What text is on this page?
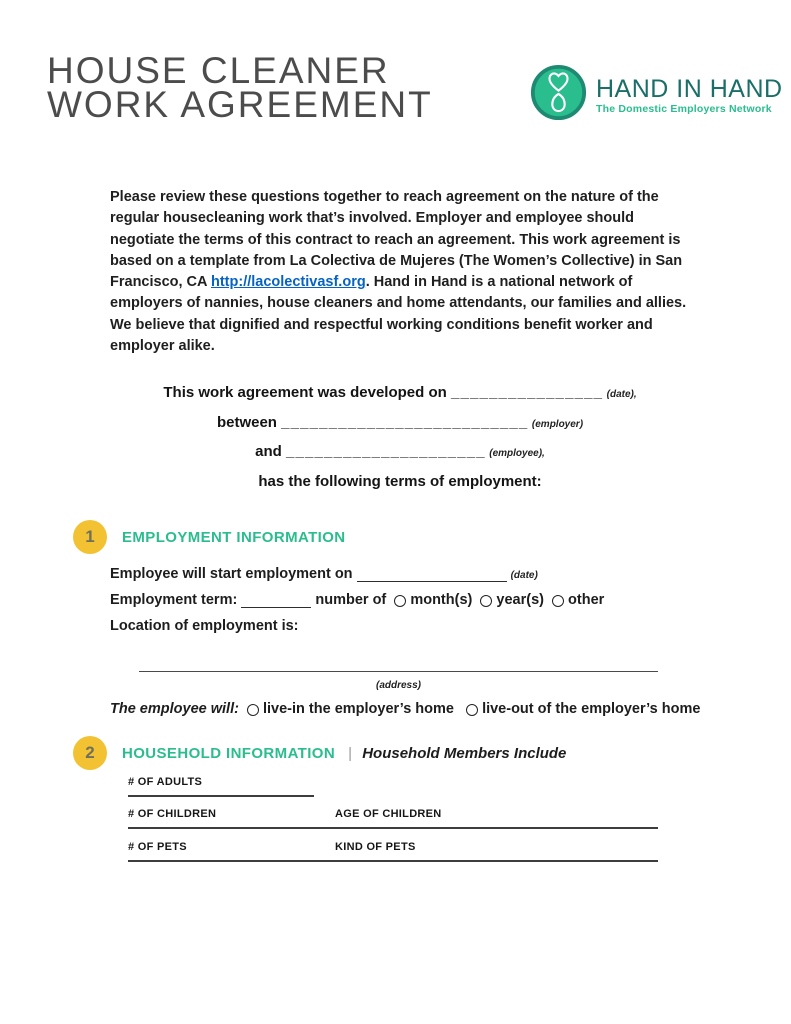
HOUSE CLEANER
WORK AGREEMENT	HAND IN HAND
The Domestic Employers Network

Please review these questions together to reach agreement on the nature of the regular housecleaning work that’s involved. Employer and employee should negotiate the terms of this contract to reach an agreement. This work agreement is based on a template from La Colectiva de Mujeres (The Women’s Collective) in San Francisco, CA http://lacolectivasf.org. Hand in Hand is a national network of employers of nannies, house cleaners and home attendants, our families and allies. We believe that dignified and respectful working conditions benefit worker and employer alike.

This work agreement was developed on _ _ _ _ _ _ _ _ _ _ _ _ _ _ _ _ (date),
between _ _ _ _ _ _ _ _ _ _ _ _ _ _ _ _ _ _ _ _ _ _ _ _ _ _ (employer)
and _ _ _ _ _ _ _ _ _ _ _ _ _ _ _ _ _ _ _ _ _ (employee),
has the following terms of employment:
1	EMPLOYMENT INFORMATION
Employee will start employment on

	(date)
Employment term:

	number of
month(s)
year(s)
other
Location of employment is:
(address)
The employee will:
live-in the employer’s home
live-out of the employer’s home
2	HOUSEHOLD INFORMATION | Household Members Include
# OF ADULTS
# OF CHILDREN	AGE OF CHILDREN
# OF PETS	KIND OF PETS
